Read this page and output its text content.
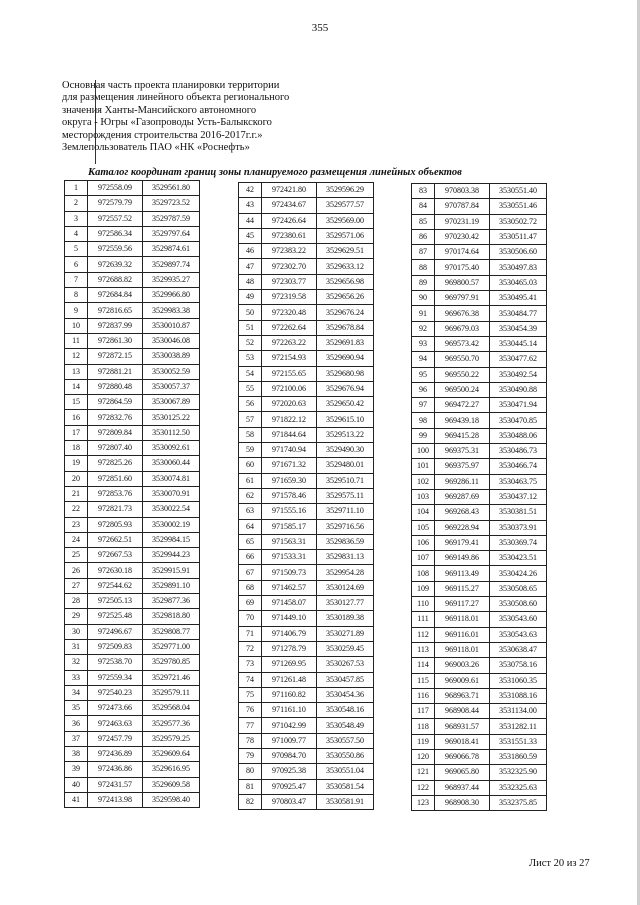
355
Основная часть проекта планировки территории
для размещения линейного объекта регионального
значения Ханты-Мансийского автономного
округа - Югры «Газопроводы Усть-Балыкского
месторождения строительства 2016-2017г.г.»
Землепользователь ПАО «НК «Роснефть»
Каталог координат границ зоны планируемого размещения линейных объектов
1	972558.09	3529561.80
2	972579.79	3529723.52
3	972557.52	3529787.59
4	972586.34	3529797.64
5	972559.56	3529874.61
6	972639.32	3529897.74
7	972688.82	3529935.27
8	972684.84	3529966.80
9	972816.65	3529983.38
10	972837.99	3530010.87
11	972861.30	3530046.08
12	972872.15	3530038.89
13	972881.21	3530052.59
14	972880.48	3530057.37
15	972864.59	3530067.89
16	972832.76	3530125.22
17	972809.84	3530112.50
18	972807.40	3530092.61
19	972825.26	3530060.44
20	972851.60	3530074.81
21	972853.76	3530070.91
22	972821.73	3530022.54
23	972805.93	3530002.19
24	972662.51	3529984.15
25	972667.53	3529944.23
26	972630.18	3529915.91
27	972544.62	3529891.10
28	972505.13	3529877.36
29	972525.48	3529818.80
30	972496.67	3529808.77
31	972509.83	3529771.00
32	972538.70	3529780.85
33	972559.34	3529721.46
34	972540.23	3529579.11
35	972473.66	3529568.04
36	972463.63	3529577.36
37	972457.79	3529579.25
38	972436.89	3529609.64
39	972436.86	3529616.95
40	972431.57	3529609.58
41	972413.98	3529598.40
42	972421.80	3529596.29
43	972434.67	3529577.57
44	972426.64	3529569.00
45	972380.61	3529571.06
46	972383.22	3529629.51
47	972302.70	3529633.12
48	972303.77	3529656.98
49	972319.58	3529656.26
50	972320.48	3529676.24
51	972262.64	3529678.84
52	972263.22	3529691.83
53	972154.93	3529690.94
54	972155.65	3529680.98
55	972100.06	3529676.94
56	972020.63	3529650.42
57	971822.12	3529615.10
58	971844.64	3529513.22
59	971740.94	3529490.30
60	971671.32	3529480.01
61	971659.30	3529510.71
62	971578.46	3529575.11
63	971555.16	3529711.10
64	971585.17	3529716.56
65	971563.31	3529836.59
66	971533.31	3529831.13
67	971509.73	3529954.28
68	971462.57	3530124.69
69	971458.07	3530127.77
70	971449.10	3530189.38
71	971406.79	3530271.89
72	971278.79	3530259.45
73	971269.95	3530267.53
74	971261.48	3530457.85
75	971160.82	3530454.36
76	971161.10	3530548.16
77	971042.99	3530548.49
78	971009.77	3530557.50
79	970984.70	3530550.86
80	970925.38	3530551.04
81	970925.47	3530581.54
82	970803.47	3530581.91
83	970803.38	3530551.40
84	970787.84	3530551.46
85	970231.19	3530502.72
86	970230.42	3530511.47
87	970174.64	3530506.60
88	970175.40	3530497.83
89	969800.57	3530465.03
90	969797.91	3530495.41
91	969676.38	3530484.77
92	969679.03	3530454.39
93	969573.42	3530445.14
94	969550.70	3530477.62
95	969550.22	3530492.54
96	969500.24	3530490.88
97	969472.27	3530471.94
98	969439.18	3530470.85
99	969415.28	3530488.06
100	969375.31	3530486.73
101	969375.97	3530466.74
102	969286.11	3530463.75
103	969287.69	3530437.12
104	969268.43	3530381.51
105	969228.94	3530373.91
106	969179.41	3530369.74
107	969149.86	3530423.51
108	969113.49	3530424.26
109	969115.27	3530508.65
110	969117.27	3530508.60
111	969118.01	3530543.60
112	969116.01	3530543.63
113	969118.01	3530638.47
114	969003.26	3530758.16
115	969009.61	3531060.35
116	968963.71	3531088.16
117	968908.44	3531134.00
118	968931.57	3531282.11
119	969018.41	3531551.33
120	969066.78	3531860.59
121	969065.80	3532325.90
122	968937.44	3532325.63
123	968908.30	3532375.85
Лист 20 из 27
